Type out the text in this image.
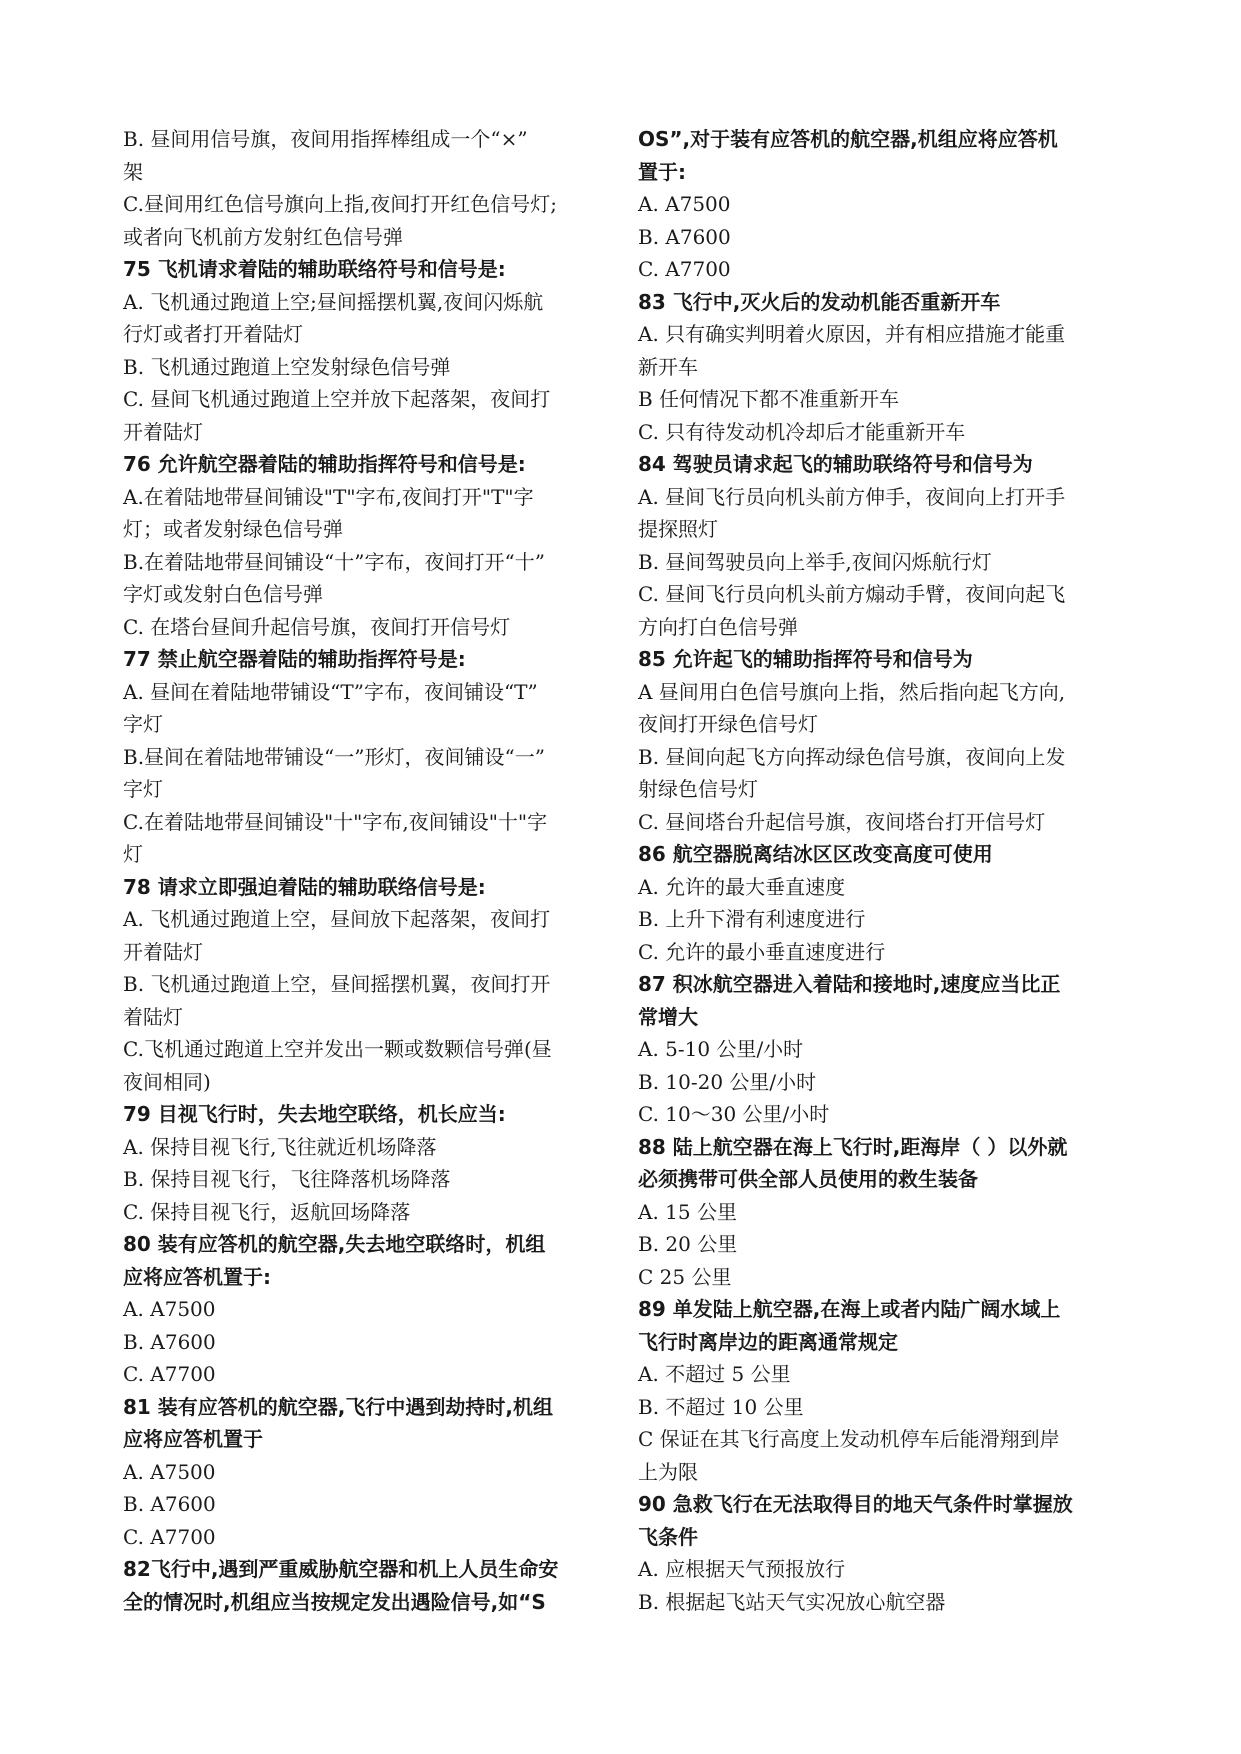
B. 昼间用信号旗，夜间用指挥棒组成一个“×”
架
C.昼间用红色信号旗向上指,夜间打开红色信号灯;
或者向飞机前方发射红色信号弹
75 飞机请求着陆的辅助联络符号和信号是:
A. 飞机通过跑道上空;昼间摇摆机翼,夜间闪烁航
行灯或者打开着陆灯
B. 飞机通过跑道上空发射绿色信号弹
C. 昼间飞机通过跑道上空并放下起落架，夜间打
开着陆灯
76 允许航空器着陆的辅助指挥符号和信号是:
A.在着陆地带昼间铺设"T"字布,夜间打开"T"字
灯；或者发射绿色信号弹
B.在着陆地带昼间铺设“十”字布，夜间打开“十”
字灯或发射白色信号弹
C. 在塔台昼间升起信号旗，夜间打开信号灯
77 禁止航空器着陆的辅助指挥符号是:
A. 昼间在着陆地带铺设“T”字布，夜间铺设“T”
字灯
B.昼间在着陆地带铺设“一”形灯，夜间铺设“一”
字灯
C.在着陆地带昼间铺设"十"字布,夜间铺设"十"字
灯
78 请求立即强迫着陆的辅助联络信号是:
A. 飞机通过跑道上空，昼间放下起落架，夜间打
开着陆灯
B. 飞机通过跑道上空，昼间摇摆机翼，夜间打开
着陆灯
C.飞机通过跑道上空并发出一颗或数颗信号弹(昼
夜间相同)
79 目视飞行时，失去地空联络，机长应当:
A. 保持目视飞行,飞往就近机场降落
B. 保持目视飞行，飞往降落机场降落
C. 保持目视飞行，返航回场降落
80 装有应答机的航空器,失去地空联络时，机组
应将应答机置于:
A. A7500
B. A7600
C. A7700
81 装有应答机的航空器,飞行中遇到劫持时,机组
应将应答机置于
A. A7500
B. A7600
C. A7700
82飞行中,遇到严重威胁航空器和机上人员生命安
全的情况时,机组应当按规定发出遇险信号,如“S
OS”,对于装有应答机的航空器,机组应将应答机
置于:
A. A7500
B. A7600
C. A7700
83 飞行中,灭火后的发动机能否重新开车
A. 只有确实判明着火原因，并有相应措施才能重
新开车
B 任何情况下都不准重新开车
C. 只有待发动机冷却后才能重新开车
84 驾驶员请求起飞的辅助联络符号和信号为
A. 昼间飞行员向机头前方伸手，夜间向上打开手
提探照灯
B. 昼间驾驶员向上举手,夜间闪烁航行灯
C. 昼间飞行员向机头前方煽动手臂，夜间向起飞
方向打白色信号弹
85 允许起飞的辅助指挥符号和信号为
A 昼间用白色信号旗向上指，然后指向起飞方向,
夜间打开绿色信号灯
B. 昼间向起飞方向挥动绿色信号旗，夜间向上发
射绿色信号灯
C. 昼间塔台升起信号旗，夜间塔台打开信号灯
86 航空器脱离结冰区区改变高度可使用
A. 允许的最大垂直速度
B. 上升下滑有利速度进行
C. 允许的最小垂直速度进行
87 积冰航空器进入着陆和接地时,速度应当比正
常增大
A. 5-10 公里/小时
B. 10-20 公里/小时
C. 10～30 公里/小时
88 陆上航空器在海上飞行时,距海岸（ ）以外就
必须携带可供全部人员使用的救生装备
A. 15 公里
B. 20 公里
C 25 公里
89 单发陆上航空器,在海上或者内陆广阔水域上
飞行时离岸边的距离通常规定
A. 不超过 5 公里
B. 不超过 10 公里
C 保证在其飞行高度上发动机停车后能滑翔到岸
上为限
90 急救飞行在无法取得目的地天气条件时掌握放
飞条件
A. 应根据天气预报放行
B. 根据起飞站天气实况放心航空器
